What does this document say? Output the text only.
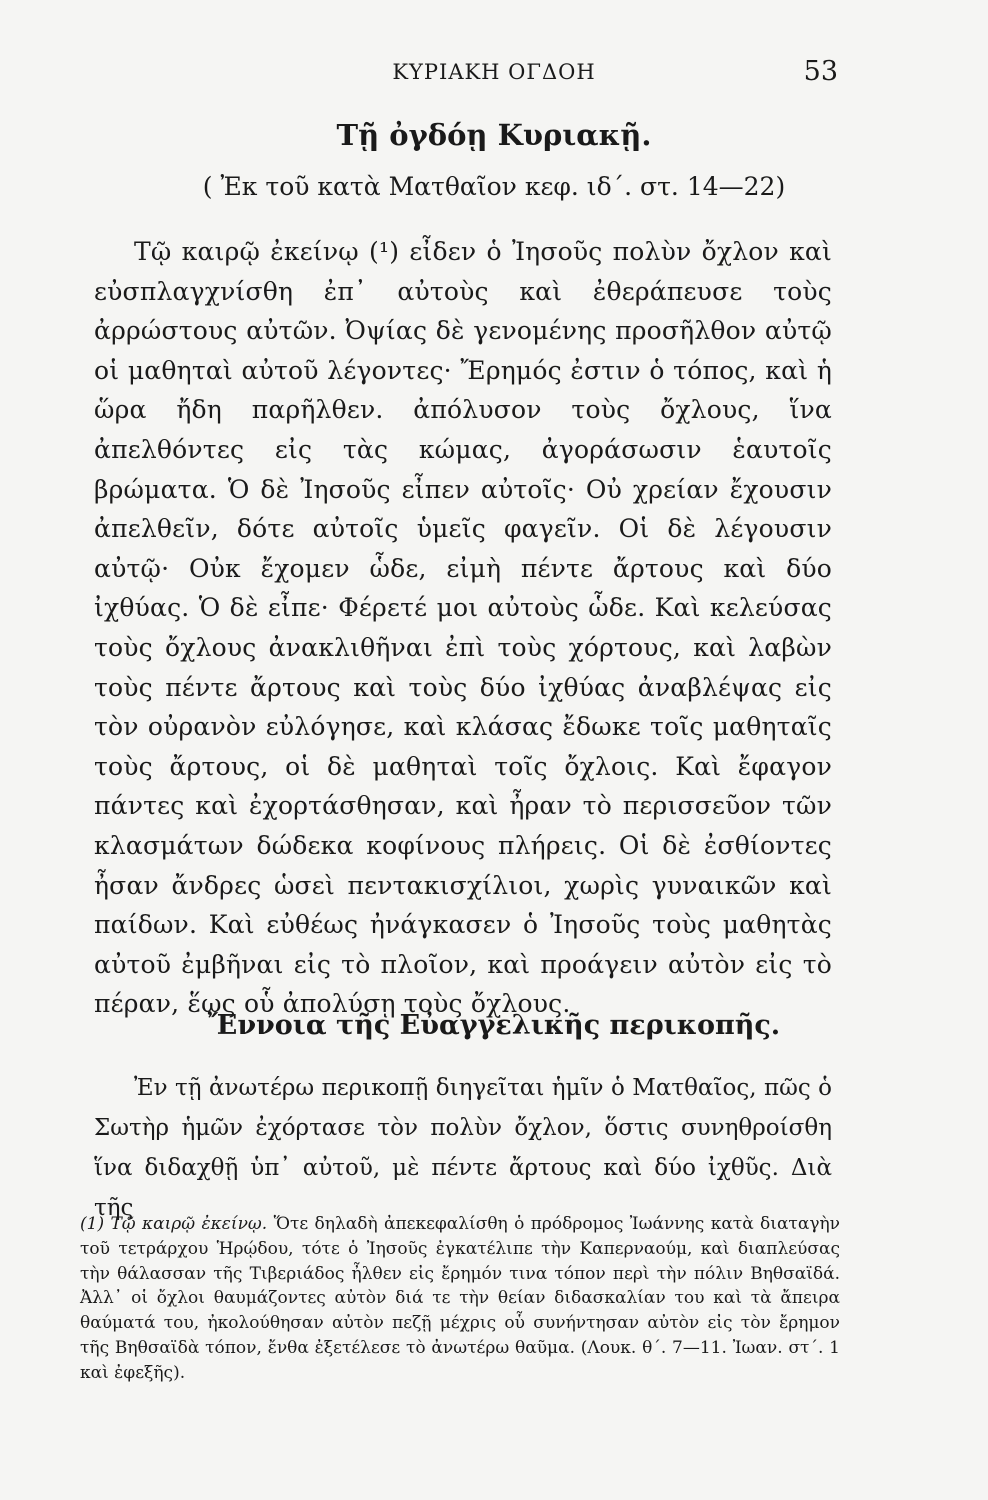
ΚΥΡΙΑΚΗ ΟΓΔΟΗ	53
Τῇ ὀγδόῃ Κυριακῇ.
( Ἐκ τοῦ κατὰ Ματθαῖον κεφ. ιδ΄. στ. 14—22)

Τῷ καιρῷ ἐκείνῳ (¹) εἶδεν ὁ Ἰησοῦς πολὺν ὄχλον καὶ εὐσπλαγχνίσθη ἐπ᾿ αὐτοὺς καὶ ἐθεράπευσε τοὺς ἀρρώστους αὐτῶν. Ὀψίας δὲ γενομένης προσῆλθον αὐτῷ οἱ μαθηταὶ αὐτοῦ λέγοντες· Ἔρημός ἐστιν ὁ τόπος, καὶ ἡ ὥρα ἤδη παρῆλθεν. ἀπόλυσον τοὺς ὄχλους, ἵνα ἀπελθόντες εἰς τὰς κώμας, ἀγοράσωσιν ἑαυτοῖς βρώματα. Ὁ δὲ Ἰησοῦς εἶπεν αὐτοῖς· Οὐ χρείαν ἔχουσιν ἀπελθεῖν, δότε αὐτοῖς ὑμεῖς φαγεῖν. Οἱ δὲ λέγουσιν αὐτῷ· Οὐκ ἔχομεν ὧδε, εἰμὴ πέντε ἄρτους καὶ δύο ἰχθύας. Ὁ δὲ εἶπε· Φέρετέ μοι αὐτοὺς ὧδε. Καὶ κελεύσας τοὺς ὄχλους ἀνακλιθῆναι ἐπὶ τοὺς χόρτους, καὶ λαβὼν τοὺς πέντε ἄρτους καὶ τοὺς δύο ἰχθύας ἀναβλέψας εἰς τὸν οὐρανὸν εὐλόγησε, καὶ κλάσας ἔδωκε τοῖς μαθηταῖς τοὺς ἄρτους, οἱ δὲ μαθηταὶ τοῖς ὄχλοις. Καὶ ἔφαγον πάντες καὶ ἐχορτάσθησαν, καὶ ἦραν τὸ περισσεῦον τῶν κλασμάτων δώδεκα κοφίνους πλήρεις. Οἱ δὲ ἐσθίοντες ἦσαν ἄνδρες ὡσεὶ πεντακισχίλιοι, χωρὶς γυναικῶν καὶ παίδων. Καὶ εὐθέως ἠνάγκασεν ὁ Ἰησοῦς τοὺς μαθητὰς αὐτοῦ ἐμβῆναι εἰς τὸ πλοῖον, καὶ προάγειν αὐτὸν εἰς τὸ πέραν, ἕως οὗ ἀπολύσῃ τοὺς ὄχλους.

Ἔννοια τῆς Εὐαγγελικῆς περικοπῆς.

Ἐν τῇ ἀνωτέρω περικοπῇ διηγεῖται ἡμῖν ὁ Ματθαῖος, πῶς ὁ Σωτὴρ ἡμῶν ἐχόρτασε τὸν πολὺν ὄχλον, ὅστις συνηθροίσθη ἵνα διδαχθῇ ὑπ᾿ αὐτοῦ, μὲ πέντε ἄρτους καὶ δύο ἰχθῦς. Διὰ τῆς

(1) Τῷ καιρῷ ἐκείνῳ. Ὅτε δηλαδὴ ἀπεκεφαλίσθη ὁ πρόδρομος Ἰωάννης κατὰ διαταγὴν τοῦ τετράρχου Ἡρῴδου, τότε ὁ Ἰησοῦς ἐγκατέλιπε τὴν Καπερναούμ, καὶ διαπλεύσας τὴν θάλασσαν τῆς Τιβεριάδος ἦλθεν εἰς ἔρημόν τινα τόπον περὶ τὴν πόλιν Βηθσαϊδά. Ἀλλ᾿ οἱ ὄχλοι θαυμάζοντες αὐτὸν διά τε τὴν θείαν διδασκαλίαν του καὶ τὰ ἄπειρα θαύματά του, ἠκολούθησαν αὐτὸν πεζῇ μέχρις οὗ συνήντησαν αὐτὸν εἰς τὸν ἔρημον τῆς Βηθσαϊδὰ τόπον, ἔνθα ἐξετέλεσε τὸ ἀνωτέρω θαῦμα. (Λουκ. θ΄. 7—11. Ἰωαν. στ΄. 1 καὶ ἐφεξῆς).
